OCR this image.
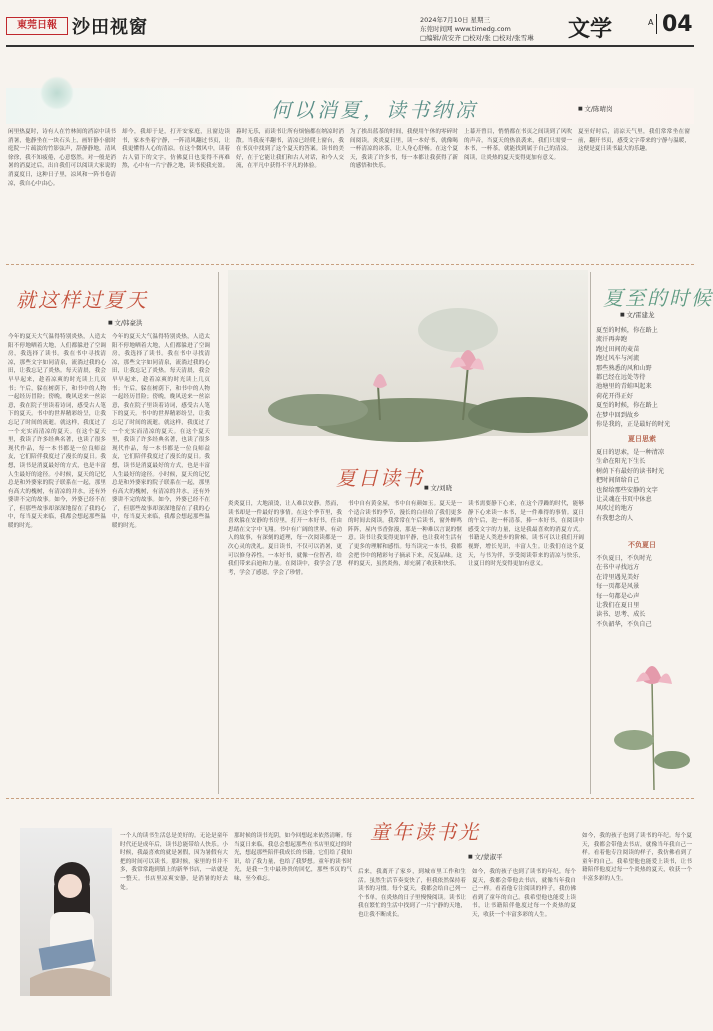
東莞日報 沙田视窗	2024年7月10日 星期三
东莞时间网 www.timedg.com
□编辑/黄安齐 □校对/张 □校对/张雪琳 文学	A 04
何以消夏，读书纳凉	■ 文/陈晴岗
闲里热夏时，诗有人在竹林间的消凉中读书消暑，他静坐在一块石头上，画轩静小旅时庭院一片疏淡的竹影弦声，辞静静地，清风徐徐，我不知疲倦，心意悠然。对一般是消暑的消夏过后，出自我们可以阅读大家说的消夏度日，这种日子里，凉风和一阵书卷清凉，我自心中由心。
却今，我却于是，打开安家庭，且窗边读书，家本坐着宁静，一阵清风翻过书页，让我更懂得人心的清凉。在这个微风中，读着古人留下的文字，仿佛夏日也变得不再难熬，心中有一片宁静之地，读书使我充盈。
暮时无乐，而读书让所有烦恼都在纳凉时消散。当我夜半翻书，清凉已经爬上窗台，我在书页中找到了这个夏天的答案。读书的美好，在于它能让我们和古人对话，和今人交流，在平凡中获得不平凡的体验。
为了挨出蓝茶的时间，我便用午休的零碎时间阅读。炎炎夏日里，读一本好书，就像喝一杯清凉的冰茶，让人身心舒畅。在这个夏天，我读了许多书，每一本都让我获得了新的感悟和快乐。
上幕开曾目，悄悄都在书页之间读到了风吹的声音，当夏天的热浪袭来，我们只需要一本书，一杯茶，就能找到属于自己的清凉。阅读，让炎热的夏天变得更加有意义。
夏至好时后，清凉天气里，我们常常坐在窗前，翻开书页，感受文字带来的宁静与温暖，这便是夏日读书最大的乐趣。
就这样过夏天
■ 文/韩豪洪
今年的夏天大气温得特别炎热，人造太阳不停地晒着大地，人们都躲进了空调房，我选择了读书。我在书中寻找清凉，那些文字如同清泉，流淌过我的心田，让我忘记了炎热。每天清晨，我会早早起来，趁着凉爽的时光读上几页书；午后，躲在树荫下，和书中的人物一起经历冒险；傍晚，晚风送来一丝凉意，我在院子里读着诗词，感受古人笔下的夏天。书中的世界精彩纷呈，让我忘记了时间的流逝。就这样，我度过了一个充实而清凉的夏天。在这个夏天里，我读了许多经典名著，也读了很多现代作品，每一本书都是一位良师益友，它们陪伴我度过了漫长的夏日。我想，读书是消夏最好的方式，也是丰富人生最好的途径。小时候，夏天的记忆总是和外婆家的院子联系在一起，那里有高大的槐树，有清凉的井水，还有外婆讲不完的故事。如今，外婆已经不在了，但那些故事却深深地留在了我的心中，每当夏天来临，我都会想起那些温暖的时光。
今年的夏天大气温得特别炎热，人造太阳不停地晒着大地，人们都躲进了空调房，我选择了读书。我在书中寻找清凉，那些文字如同清泉，流淌过我的心田，让我忘记了炎热。每天清晨，我会早早起来，趁着凉爽的时光读上几页书；午后，躲在树荫下，和书中的人物一起经历冒险；傍晚，晚风送来一丝凉意，我在院子里读着诗词，感受古人笔下的夏天。书中的世界精彩纷呈，让我忘记了时间的流逝。就这样，我度过了一个充实而清凉的夏天。在这个夏天里，我读了许多经典名著，也读了很多现代作品，每一本书都是一位良师益友，它们陪伴我度过了漫长的夏日。我想，读书是消夏最好的方式，也是丰富人生最好的途径。小时候，夏天的记忆总是和外婆家的院子联系在一起，那里有高大的槐树，有清凉的井水，还有外婆讲不完的故事。如今，外婆已经不在了，但那些故事却深深地留在了我的心中，每当夏天来临，我都会想起那些温暖的时光。
夏日读书 ■ 文/刘晓
炎炎夏日，大地滚烫，让人难以安静。然而，读书却是一件最好的事情。在这个季节里，我喜欢躲在安静的书房里，打开一本好书，任由思绪在文字中飞翔。书中有广阔的世界，有动人的故事，有深刻的道理，每一次阅读都是一次心灵的洗礼。夏日读书，不仅可以消暑，更可以修身养性。一本好书，就像一位智者，给我们带来启迪和力量。在阅读中，我学会了思考，学会了感恩，学会了珍惜。
书中自有黄金屋，书中自有颜如玉。夏天是一个适合读书的季节，漫长的白昼给了我们更多的时间去阅读。我常常在午后读书，窗外蝉鸣阵阵，屋内书香弥漫，那是一种难以言说的惬意。读书让我变得更加平静，也让我对生活有了更多的理解和感悟。每当读完一本书，我都会把书中的精彩句子摘录下来，反复品味。这样的夏天，虽然炎热，却充满了收获和快乐。
读书需要静下心来，在这个浮躁的时代，能够静下心来读一本书，是一件难得的事情。夏日的午后，泡一杯清茶，捧一本好书，在阅读中感受文字的力量，这是我最喜欢的消夏方式。书籍是人类进步的阶梯，读书可以让我们开阔视野，增长见识，丰富人生。让我们在这个夏天，与书为伴，享受阅读带来的清凉与快乐，让夏日的时光变得更加有意义。
夏至的时候
■ 文/雷建龙
夏至的时候，你在路上
流汗再奔跑
跑过田间的麦苗
跑过风车与河流
那些熟悉的风和山野
都已经在远处等待
池塘里的青蛙叫起来
荷花开得正好
夏至的时候，你在路上
在梦中回到故乡
你是我的，正是最好的时光
夏日思索
夏日的思索，是一种清凉
生命在阳光下生长
树荫下有最好的读书时光
把时间留给自己
也留给那些安静的文字
让灵魂在书页中休息
风吹过的地方
有我想念的人
不负夏日
不负夏日，不负时光
在书中寻找远方
在诗里遇见美好
每一页都是风景
每一句都是心声
让我们在夏日里
读书、思考、成长
不负韶华，不负自己
童年读书光
■ 文/蒙淑平
一个人的读书生活总是美好的。无论是童年时代还是成年后，读书总能带给人快乐。小时候，我最喜欢的就是暑假，因为暑假有大把的时间可以读书。那时候，家里的书并不多，我常常跑到镇上的新华书店，一站就是一整天。书店里凉爽安静，是消暑的好去处。
那时候的读书光阴，如今回想起来依然清晰。每当夏日来临，我总会想起那些在书店里度过的时光，想起那些陪伴我成长的书籍。它们给了我知识，给了我力量，也给了我梦想。童年的读书时光，是我一生中最珍贵的回忆，那些书页的气味，至今难忘。
后来，我离开了家乡，到城市里工作和生活。虽然生活节奏变快了，但我依然保持着读书的习惯。每个夏天，我都会给自己列一个书单，在炎热的日子里慢慢阅读。读书让我在繁忙的生活中找到了一片宁静的天地，也让我不断成长。
如今，我的孩子也到了读书的年纪。每个夏天，我都会带他去书店，就像当年我自己一样。看着他专注阅读的样子，我仿佛看到了童年的自己。我希望他也能爱上读书，让书籍陪伴他度过每一个炎热的夏天，收获一个丰富多彩的人生。
如今，我的孩子也到了读书的年纪。每个夏天，我都会带他去书店，就像当年我自己一样。看着他专注阅读的样子，我仿佛看到了童年的自己。我希望他也能爱上读书，让书籍陪伴他度过每一个炎热的夏天，收获一个丰富多彩的人生。
